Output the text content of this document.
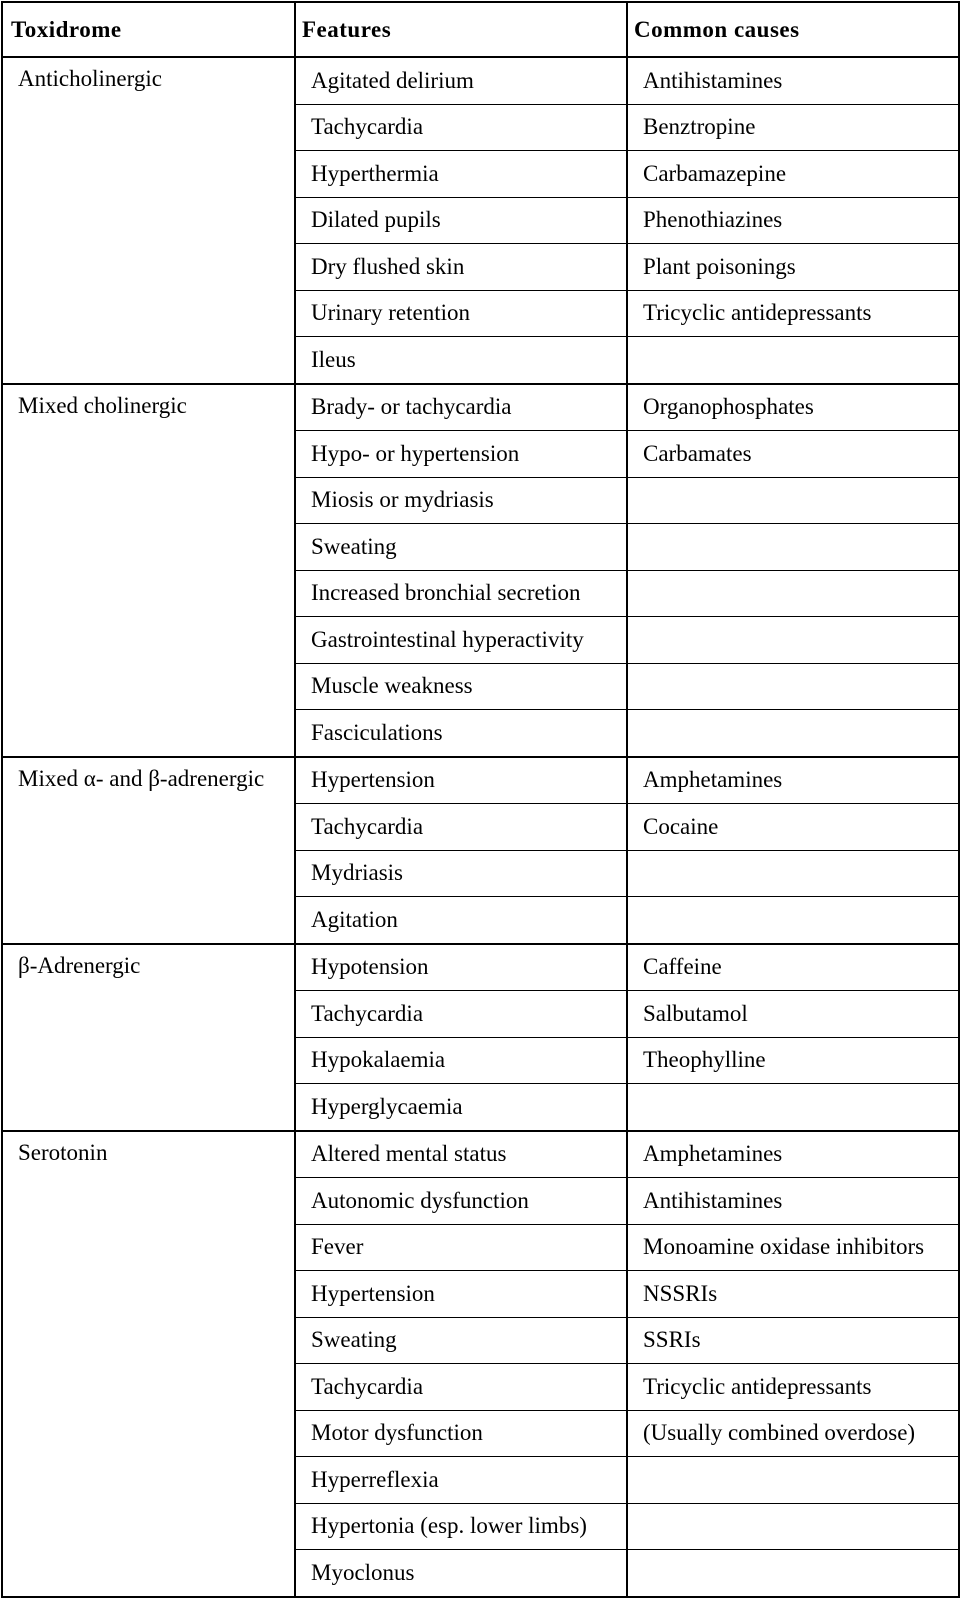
Toxidrome	Features	Common causes
Anticholinergic	Agitated delirium	Antihistamines
	Tachycardia	Benztropine
	Hyperthermia	Carbamazepine
	Dilated pupils	Phenothiazines
	Dry flushed skin	Plant poisonings
	Urinary retention	Tricyclic antidepressants
	Ileus	
Mixed cholinergic	Brady- or tachycardia	Organophosphates
	Hypo- or hypertension	Carbamates
	Miosis or mydriasis	
	Sweating	
	Increased bronchial secretion	
	Gastrointestinal hyperactivity	
	Muscle weakness	
	Fasciculations	
Mixed α- and β-adrenergic	Hypertension	Amphetamines
	Tachycardia	Cocaine
	Mydriasis	
	Agitation	
β-Adrenergic	Hypotension	Caffeine
	Tachycardia	Salbutamol
	Hypokalaemia	Theophylline
	Hyperglycaemia	
Serotonin	Altered mental status	Amphetamines
	Autonomic dysfunction	Antihistamines
	Fever	Monoamine oxidase inhibitors
	Hypertension	NSSRIs
	Sweating	SSRIs
	Tachycardia	Tricyclic antidepressants
	Motor dysfunction	(Usually combined overdose)
	Hyperreflexia	
	Hypertonia (esp. lower limbs)	
	Myoclonus	
